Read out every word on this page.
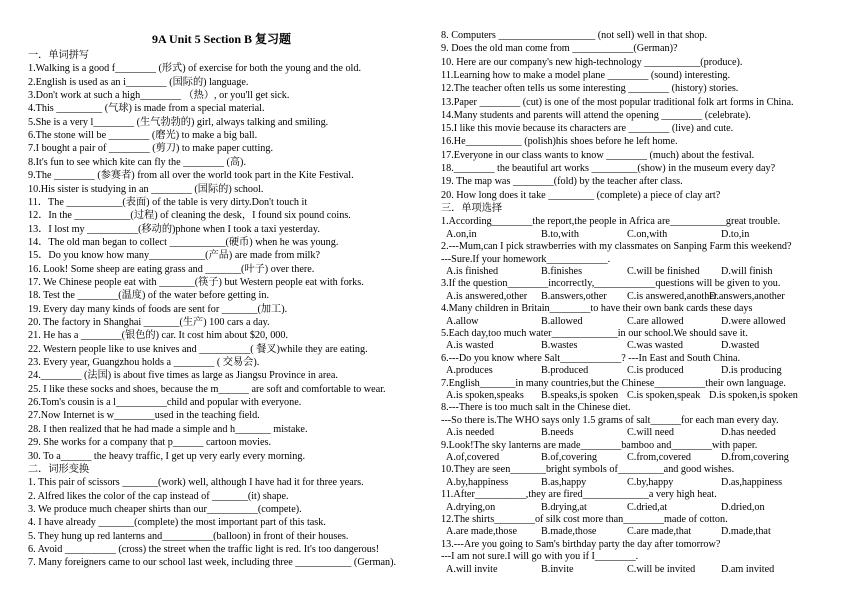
9A Unit 5 Section B 复习题
一．单词拼写
1.Walking is a good f________ (形式) of exercise for both the young and the old.
2.English is used as an i________ (国际的) language.
3.Don't work at such a high________ （热）, or you'll get sick.
4.This _________ (气球) is made from a special material.
5.She is a very l________ (生气勃勃的) girl, always talking and smiling.
6.The stone will be ________ (磨光) to make a big ball.
7.I bought a pair of ________ (剪刀) to make paper cutting.
8.It's fun to see which kite can fly the ________ (高).
9.The ________ (参赛者) from all over the world took part in the Kite Festival.
10.His sister is studying in an ________ (国际的) school.
11．The ___________(表面) of the table is very dirty.Don't touch it
12．In the ___________(过程) of cleaning the desk，I found six pound coins.
13．I lost my __________(移动的)phone when I took a taxi yesterday.
14．The old man began to collect ___________(硬币) when he was young.
15．Do you know how many___________(产品) are made from milk?
16. Look! Some sheep are eating grass and _______(叶子) over there.
17. We Chinese people eat with _______(筷子) but Western people eat with forks.
18. Test the ________(温度) of the water before getting in.
19. Every day many kinds of foods are sent for _______(加工).
20. The factory in Shanghai _______(生产) 100 cars a day.
21. He has a ________(银色的) car. It cost him about $20, 000.
22. Western people like to use knives and __________( 餐叉)while they are eating.
23. Every year, Guangzhou holds a ________ ( 交易会).
24.________ (法国) is about five times as large as Jiangsu Province in area.
25. I like these socks and shoes, because the m______ are soft and comfortable to wear.
26.Tom's cousin is a l__________child and popular with everyone.
27.Now Internet is w________used in the teaching field.
28. I then realized that he had made a simple and h_______ mistake.
29. She works for a company that p______ cartoon movies.
30. To a______ the heavy traffic, I get up very early every morning.
二．词形变换
1. This pair of scissors _______(work) well, although I have had it for three years.
2. Alfred likes the color of the cap instead of _______(it) shape.
3. We produce much cheaper shirts than our__________(compete).
4. I have already _______(complete) the most important part of this task.
5. They hung up red lanterns and__________(balloon) in front of their houses.
6. Avoid __________ (cross) the street when the traffic light is red. It's too dangerous!
7. Many foreigners came to our school last week, including three ___________ (German).
8. Computers ___________________ (not sell) well in that shop.
9. Does the old man come from ____________(German)?
10. Here are our company's new high-technology ___________(produce).
11.Learning how to make a model plane ________ (sound) interesting.
12.The teacher often tells us some interesting ________ (history) stories.
13.Paper ________ (cut) is one of the most popular traditional folk art forms in China.
14.Many students and parents will attend the opening ________ (celebrate).
15.I like this movie because its characters are ________ (live) and cute.
16.He___________ (polish)his shoes before he left home.
17.Everyone in our class wants to know ________ (much) about the festival.
18.________ the beautiful art works _________(show) in the museum every day?
19. The map was ________(fold) by the teacher after class.
20. How long does it take _________ (complete) a piece of clay art?
三．单项选择
1.According________the report,the people in Africa are___________great trouble.
A.on,in	B.to,with	C.on,with	D.to,in
2.---Mum,can I pick strawberries with my classmates on Sanping Farm this weekend?
---Sure.If your homework____________.
A.is finished	B.finishes	C.will be finished D.will finish
3.If the question________incorrectly,____________questions will be given to you.
A.is answered,other B.answers,other C.is answered,another
D.answers,another
4.Many children in Britain________to have their own bank cards these days
A.allow	B.allowed	C.are allowed	D.were allowed
5.Each day,too much water_____________in our school.We should save it.
A.is wasted	B.wastes	C.was wasted	D.wasted
6.---Do you know where Salt____________? ---In East and South China.
A.produces	B.produced	C.is produced	D.is producing
7.English_______in many countries,but the Chinese__________their own language.
A.is spoken,speaks B.speaks,is spoken C.is spoken,speak D.is spoken,is spoken
8.---There is too much salt in the Chinese diet.
---So there is.The WHO says only 1.5 grams of salt______for each man every day.
A.is needed	B.needs	C.will need	D.has needed
9.Look!The sky lanterns are made________bamboo and________with paper.
A.of,covered	B.of,covering	C.from,covered	D.from,covering
10.They are seen_______bright symbols of_________and good wishes.
A.by,happiness	B.as,happy	C.by,happy	D.as,happiness
11.After__________,they are fired_____________a very high heat.
A.drying,on	B.drying,at	C.dried,at	D.dried,on
12.The shirts________of silk cost more than________made of cotton.
A.are made,those B.made,those	C.are made,that	D.made,that
13.---Are you going to Sam's birthday party the day after tomorrow?
---I am not sure.I will go with you if I________.
A.will invite	B.invite	C.will be invited	D.am invited
